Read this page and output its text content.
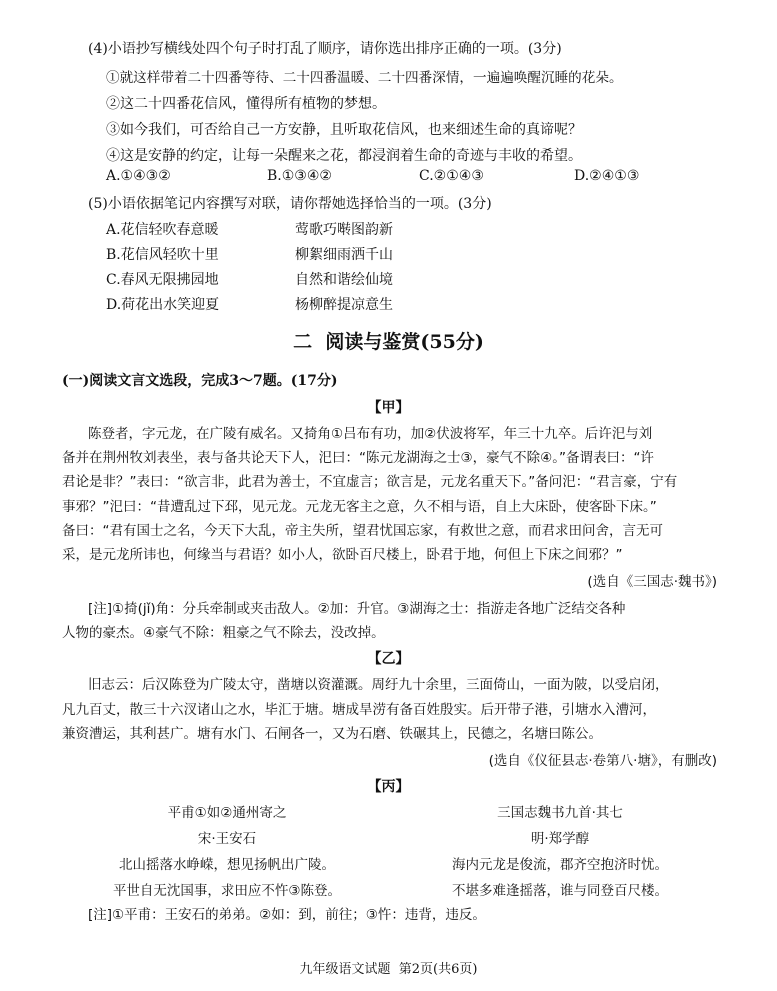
(4)小语抄写横线处四个句子时打乱了顺序，请你选出排序正确的一项。(3分)
①就这样带着二十四番等待、二十四番温暖、二十四番深情，一遍遍唤醒沉睡的花朵。
②这二十四番花信风，懂得所有植物的梦想。
③如今我们，可否给自己一方安静，且听取花信风，也来细述生命的真谛呢？
④这是安静的约定，让每一朵醒来之花，都浸润着生命的奇迹与丰收的希望。
A.①④③②	B.①③④②	C.②①④③	D.②④①③
(5)小语依据笔记内容撰写对联，请你帮她选择恰当的一项。(3分)
A.花信轻吹春意暖	莺歌巧啭图韵新
B.花信风轻吹十里	柳絮细雨洒千山
C.春风无限拂园地	自然和谐绘仙境
D.荷花出水笑迎夏	杨柳醉提凉意生
二  阅读与鉴赏(55分)
(一)阅读文言文选段，完成3～7题。(17分)
【甲】
陈登者，字元龙，在广陵有威名。又掎角①吕布有功，加②伏波将军，年三十九卒。后许汜与刘
备并在荆州牧刘表坐，表与备共论天下人，汜曰：“陈元龙湖海之士③，豪气不除④。”备谓表曰：“许
君论是非？”表曰：“欲言非，此君为善士，不宜虚言；欲言是，元龙名重天下。”备问汜：“君言豪，宁有
事邪？”汜曰：“昔遭乱过下邳，见元龙。元龙无客主之意，久不相与语，自上大床卧，使客卧下床。”
备曰：“君有国士之名，今天下大乱，帝主失所，望君忧国忘家，有救世之意，而君求田问舍，言无可
采，是元龙所讳也，何缘当与君语？如小人，欲卧百尺楼上，卧君于地，何但上下床之间邪？”
(选自《三国志·魏书》)
[注]①掎(jǐ)角：分兵牵制或夹击敌人。②加：升官。③湖海之士：指游走各地广泛结交各种
人物的豪杰。④豪气不除：粗豪之气不除去，没改掉。
【乙】
旧志云：后汉陈登为广陵太守，凿塘以资灌溉。周纡九十余里，三面倚山，一面为陂，以受启闭，
凡九百丈，散三十六汊诸山之水，毕汇于塘。塘成旱涝有备百姓殷实。后开带子港，引塘水入漕河，
兼资漕运，其利甚广。塘有水门、石闸各一，又为石磨、铁碾其上，民德之，名塘曰陈公。
(选自《仪征县志·卷第八·塘》，有删改)
【丙】
平甫①如②通州寄之
宋·王安石
北山摇落水峥嵘，想见扬帆出广陵。
平世自无沈国事，求田应不忤③陈登。
三国志魏书九首·其七
明·郑学醇
海内元龙是俊流，郡齐空抱济时忧。
不堪多难逢摇落，谁与同登百尺楼。
[注]①平甫：王安石的弟弟。②如：到，前往；③忤：违背，违反。
九年级语文试题  第2页(共6页)
